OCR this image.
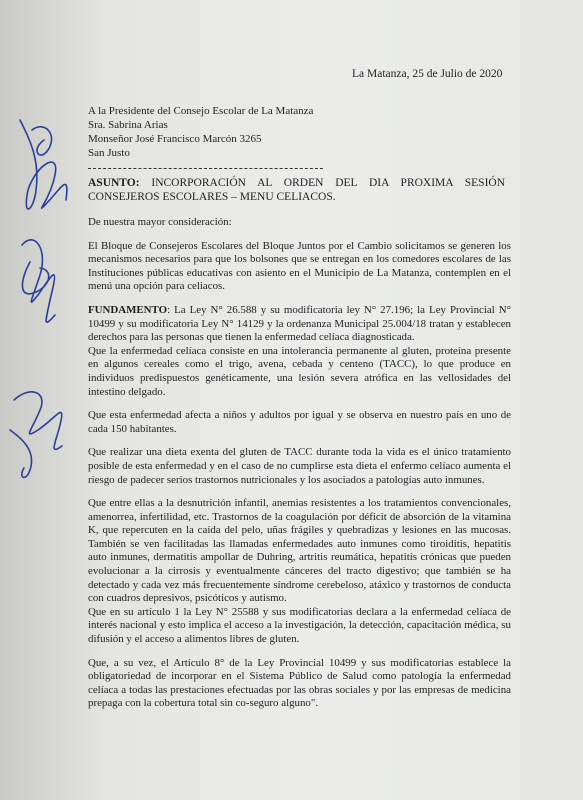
La Matanza, 25 de Julio de 2020
A la Presidente del Consejo Escolar de La Matanza
Sra. Sabrina Arias
Monseñor José Francisco Marcón 3265
San Justo
ASUNTO: INCORPORACIÓN AL ORDEN DEL DIA PROXIMA SESIÓN CONSEJEROS ESCOLARES – MENU CELIACOS.

De nuestra mayor consideración:

El Bloque de Consejeros Escolares del Bloque Juntos por el Cambio solicitamos se generen los mecanismos necesarios para que los bolsones que se entregan en los comedores escolares de las Instituciones públicas educativas con asiento en el Municipio de La Matanza, contemplen en el menú una opción para celiacos.

FUNDAMENTO: La Ley N° 26.588 y su modificatoria ley N° 27.196; la Ley Provincial N° 10499 y su modificatoria Ley N° 14129 y la ordenanza Municipal 25.004/18 tratan y establecen derechos para las personas que tienen la enfermedad celíaca diagnosticada.

Que la enfermedad celíaca consiste en una intolerancia permanente al gluten, proteína presente en algunos cereales como el trigo, avena, cebada y centeno (TACC), lo que produce en individuos predispuestos genéticamente, una lesión severa atrófica en las vellosidades del intestino delgado.

Que esta enfermedad afecta a niños y adultos por igual y se observa en nuestro país en uno de cada 150 habitantes.

Que realizar una dieta exenta del gluten de TACC durante toda la vida es el único tratamiento posible de esta enfermedad y en el caso de no cumplirse esta dieta el enfermo celíaco aumenta el riesgo de padecer serios trastornos nutricionales y los asociados a patologías auto inmunes.

Que entre ellas a la desnutrición infantil, anemias resistentes a los tratamientos convencionales, amenorrea, infertilidad, etc. Trastornos de la coagulación por déficit de absorción de la vitamina K, que repercuten en la caída del pelo, uñas frágiles y quebradizas y lesiones en las mucosas. También se ven facilitadas las llamadas enfermedades auto inmunes como tiroiditis, hepatitis auto inmunes, dermatitis ampollar de Duhring, artritis reumática, hepatitis crónicas que pueden evolucionar a la cirrosis y eventualmente cánceres del tracto digestivo; que también se ha detectado y cada vez más frecuentemente síndrome cerebeloso, atáxico y trastornos de conducta con cuadros depresivos, psicóticos y autismo.

Que en su artículo 1 la Ley N° 25588 y sus modificatorias declara a la enfermedad celíaca de interés nacional y esto implica el acceso a la investigación, la detección, capacitación médica, su difusión y el acceso a alimentos libres de gluten.

Que, a su vez, el Artículo 8° de la Ley Provincial 10499 y sus modificatorias establece la obligatoriedad de incorporar en el Sistema Público de Salud como patología la enfermedad celíaca a todas las prestaciones efectuadas por las obras sociales y por las empresas de medicina prepaga con la cobertura total sin co-seguro alguno".
